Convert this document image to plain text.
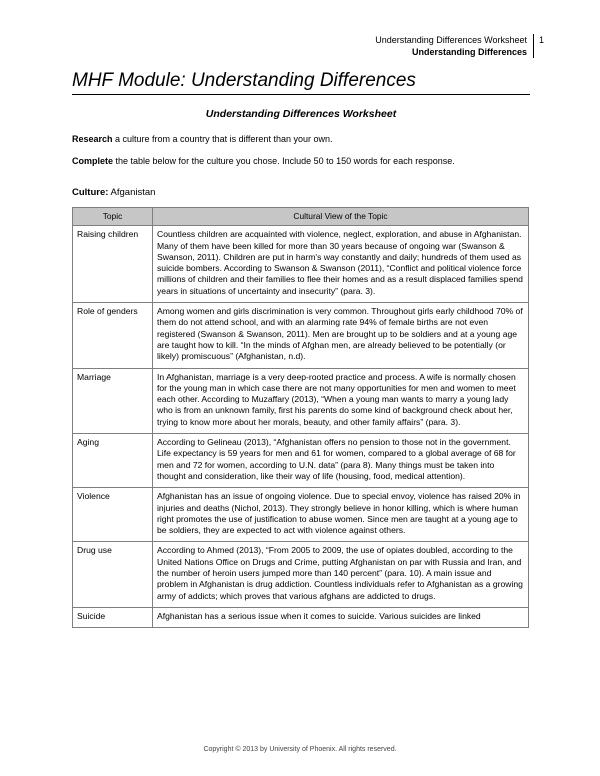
Understanding Differences Worksheet
Understanding Differences
1
MHF Module: Understanding Differences
Understanding Differences Worksheet
Research a culture from a country that is different than your own.
Complete the table below for the culture you chose. Include 50 to 150 words for each response.
Culture: Afganistan
Topic	Cultural View of the Topic
Raising children	Countless children are acquainted with violence, neglect, exploration, and abuse in Afghanistan. Many of them have been killed for more than 30 years because of ongoing war (Swanson & Swanson, 2011). Children are put in harm's way constantly and daily; hundreds of them used as suicide bombers. According to Swanson & Swanson (2011), “Conflict and political violence force millions of children and their families to flee their homes and as a result displaced families spend years in situations of uncertainty and insecurity” (para. 3).
Role of genders	Among women and girls discrimination is very common. Throughout girls early childhood 70% of them do not attend school, and with an alarming rate 94% of female births are not even registered (Swanson & Swanson, 2011). Men are brought up to be soldiers and at a young age are taught how to kill. “In the minds of Afghan men, are already believed to be potentially (or likely) promiscuous” (Afghanistan, n.d).
Marriage	In Afghanistan, marriage is a very deep-rooted practice and process. A wife is normally chosen for the young man in which case there are not many opportunities for men and women to meet each other. According to Muzaffary (2013), “When a young man wants to marry a young lady who is from an unknown family, first his parents do some kind of background check about her, trying to know more about her morals, beauty, and other family affairs” (para. 3).
Aging	According to Gelineau (2013), “Afghanistan offers no pension to those not in the government. Life expectancy is 59 years for men and 61 for women, compared to a global average of 68 for men and 72 for women, according to U.N. data” (para 8). Many things must be taken into thought and consideration, like their way of life (housing, food, medical attention).
Violence	Afghanistan has an issue of ongoing violence. Due to special envoy, violence has raised 20% in injuries and deaths (Nichol, 2013). They strongly believe in honor killing, which is where human right promotes the use of justification to abuse women. Since men are taught at a young age to be soldiers, they are expected to act with violence against others.
Drug use	According to Ahmed (2013), “From 2005 to 2009, the use of opiates doubled, according to the United Nations Office on Drugs and Crime, putting Afghanistan on par with Russia and Iran, and the number of heroin users jumped more than 140 percent” (para. 10). A main issue and problem in Afghanistan is drug addiction. Countless individuals refer to Afghanistan as a growing army of addicts; which proves that various afghans are addicted to drugs.
Suicide	Afghanistan has a serious issue when it comes to suicide. Various suicides are linked
Copyright © 2013 by University of Phoenix. All rights reserved.
